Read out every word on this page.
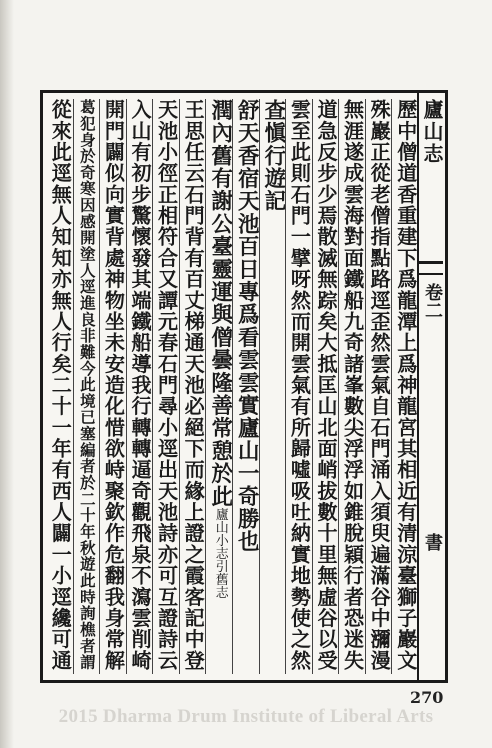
歷中僧道香重建下爲龍潭上爲神龍宮其相近有清涼臺獅子巖文
殊巖正從老僧指點路逕歪然雲氣自石門涌入須臾遍滿谷中瀰漫
無涯遂成雲海對面鐵船九奇諸峯數尖浮浮如錐脫穎行者恐迷失
道急反步少焉散滅無踪矣大抵匡山北面峭拔數十里無虛谷以受
雲至此則石門一擘呀然而開雲氣有所歸噓吸吐納實地勢使之然
查愼行遊記
舒天香宿天池百日專爲看雲雲實廬山一奇勝也
潤內舊有謝公臺靈運與僧曇隆善常憩於此廬山小志引舊志
王思任云石門背有百丈梯通天池必絕下而緣上證之霞客記中登
天池小徑正相符合又譚元春石門尋小逕出天池詩亦可互證詩云
入山有初步驚懷發其端鐵船導我行轉轉逼奇觀飛泉不瀉雲削崎
開門闢似向實背處神物坐未安造化惜欲峙聚欽作危翻我身常解
葛犯身於奇寒因感開塗人逕進良非難今此境已塞編者於二十年秋遊此時詢樵者謂
從來此逕無人知知亦無人行矣二十一年有西人闢一小逕纔可通	廬山志
卷二
書
270
2015 Dharma Drum Institute of Liberal Arts
